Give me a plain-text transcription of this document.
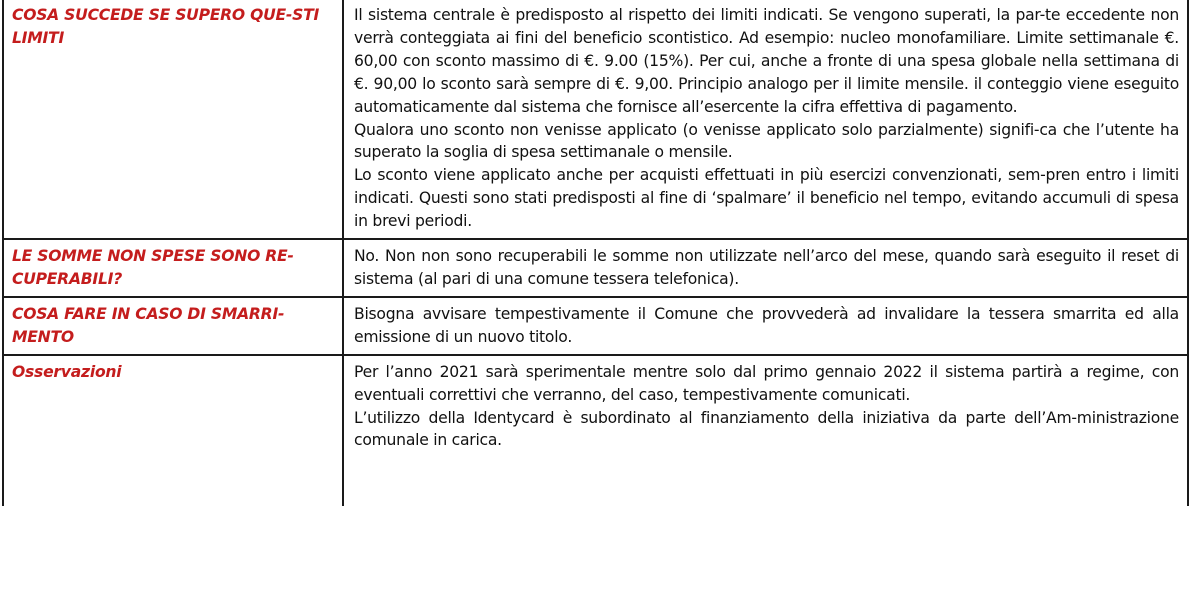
COSA SUCCEDE SE SUPERO QUE-STI LIMITI	Il sistema centrale è predisposto al rispetto dei limiti indicati. Se vengono superati, la par-te eccedente non verrà conteggiata ai fini del beneficio scontistico. Ad esempio: nucleo monofamiliare. Limite settimanale €. 60,00 con sconto massimo di €. 9.00 (15%). Per cui, anche a fronte di una spesa globale nella settimana di €. 90,00 lo sconto sarà sempre di €. 9,00. Principio analogo per il limite mensile. il conteggio viene eseguito automaticamente dal sistema che fornisce all’esercente la cifra effettiva di pagamento.
Qualora uno sconto non venisse applicato (o venisse applicato solo parzialmente) signifi-ca che l’utente ha superato la soglia di spesa settimanale o mensile.
Lo sconto viene applicato anche per acquisti effettuati in più esercizi convenzionati, sem-pren entro i limiti indicati. Questi sono stati predisposti al fine di ‘spalmare’ il beneficio nel tempo, evitando accumuli di spesa in brevi periodi.

LE SOMME NON SPESE SONO RE-CUPERABILI?	No. Non non sono recuperabili le somme non utilizzate nell’arco del mese, quando sarà eseguito il reset di sistema (al pari di una comune tessera telefonica).

COSA FARE IN CASO DI SMARRI-MENTO	Bisogna avvisare tempestivamente il Comune che provvederà ad invalidare la tessera smarrita ed alla emissione di un nuovo titolo.

Osservazioni	Per l’anno 2021 sarà sperimentale mentre solo dal primo gennaio 2022 il sistema partirà a regime, con eventuali correttivi che verranno, del caso, tempestivamente comunicati.
L’utilizzo della Identycard è subordinato al finanziamento della iniziativa da parte dell’Am-ministrazione comunale in carica.
